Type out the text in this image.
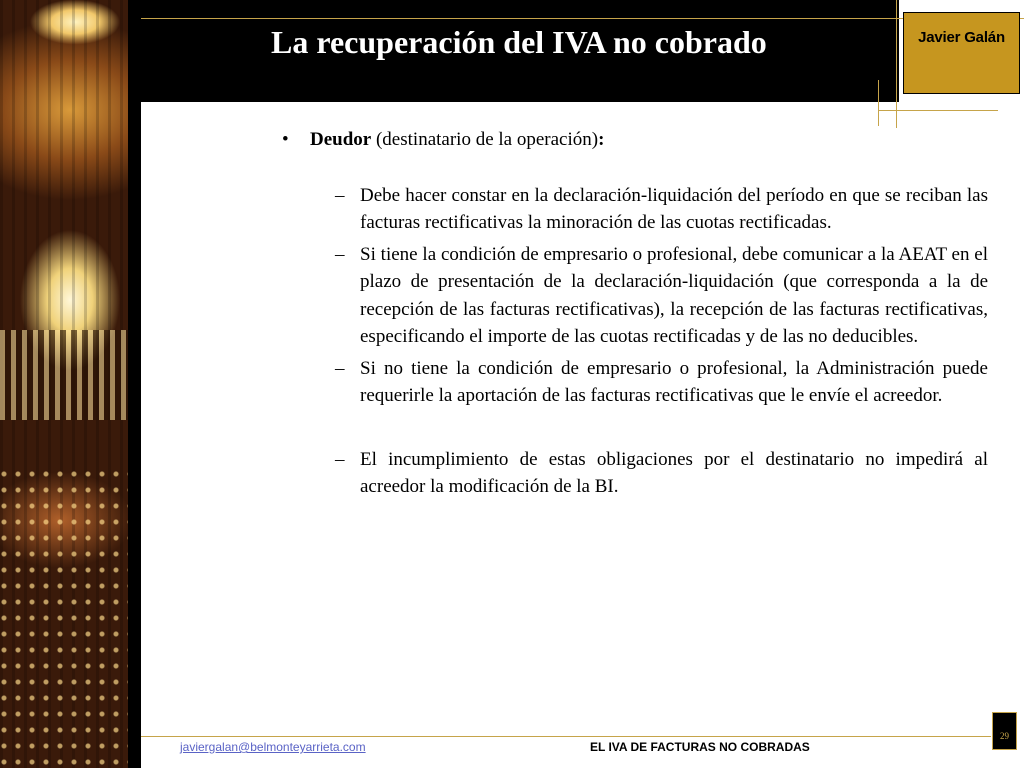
La recuperación del IVA no cobrado	Javier Galán

• Deudor (destinatario de la operación):

– Debe hacer constar en la declaración-liquidación del período en que se reciban las facturas rectificativas la minoración de las cuotas rectificadas.
– Si tiene la condición de empresario o profesional, debe comunicar a la AEAT en el plazo de presentación de la declaración-liquidación (que corresponda a la de recepción de las facturas rectificativas), la recepción de las facturas rectificativas, especificando el importe de las cuotas rectificadas y de las no deducibles.
– Si no tiene la condición de empresario o profesional, la Administración puede requerirle la aportación de las facturas rectificativas que le envíe el acreedor.
– El incumplimiento de estas obligaciones por el destinatario no impedirá al acreedor la modificación de la BI.
javiergalan@belmonteyarrieta.com	EL IVA DE FACTURAS NO COBRADAS
29
